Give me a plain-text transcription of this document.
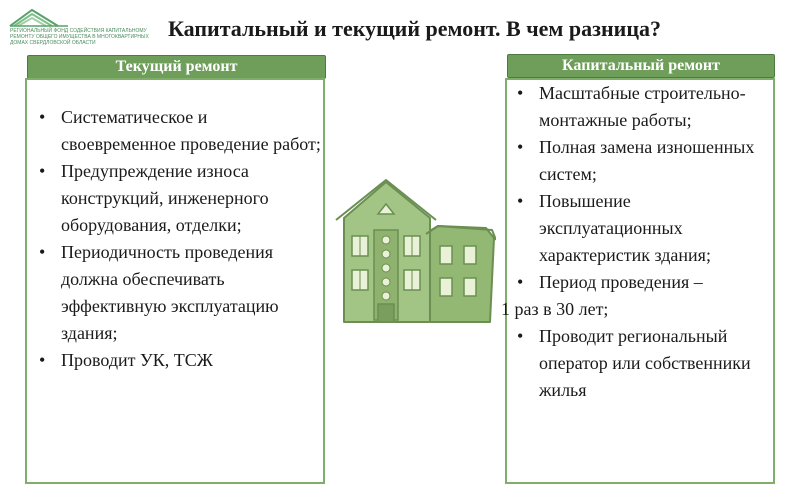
РЕГИОНАЛЬНЫЙ ФОНД СОДЕЙСТВИЯ КАПИТАЛЬНОМУ
РЕМОНТУ ОБЩЕГО ИМУЩЕСТВА В МНОГОКВАРТИРНЫХ
ДОМАХ СВЕРДЛОВСКОЙ ОБЛАСТИ
Капитальный и текущий ремонт. В чем разница?
Текущий ремонт
• Систематическое и своевременное проведение работ;
• Предупреждение износа конструкций, инженерного оборудования, отделки;
• Периодичность проведения должна обеспечивать эффективную эксплуатацию здания;
• Проводит УК, ТСЖ
Капитальный ремонт
• Масштабные строительно-монтажные работы;
• Полная замена изношенных систем;
• Повышение эксплуатационных характеристик здания;
• Период проведения –
1 раз в 30 лет;
• Проводит региональный оператор или собственники жилья
